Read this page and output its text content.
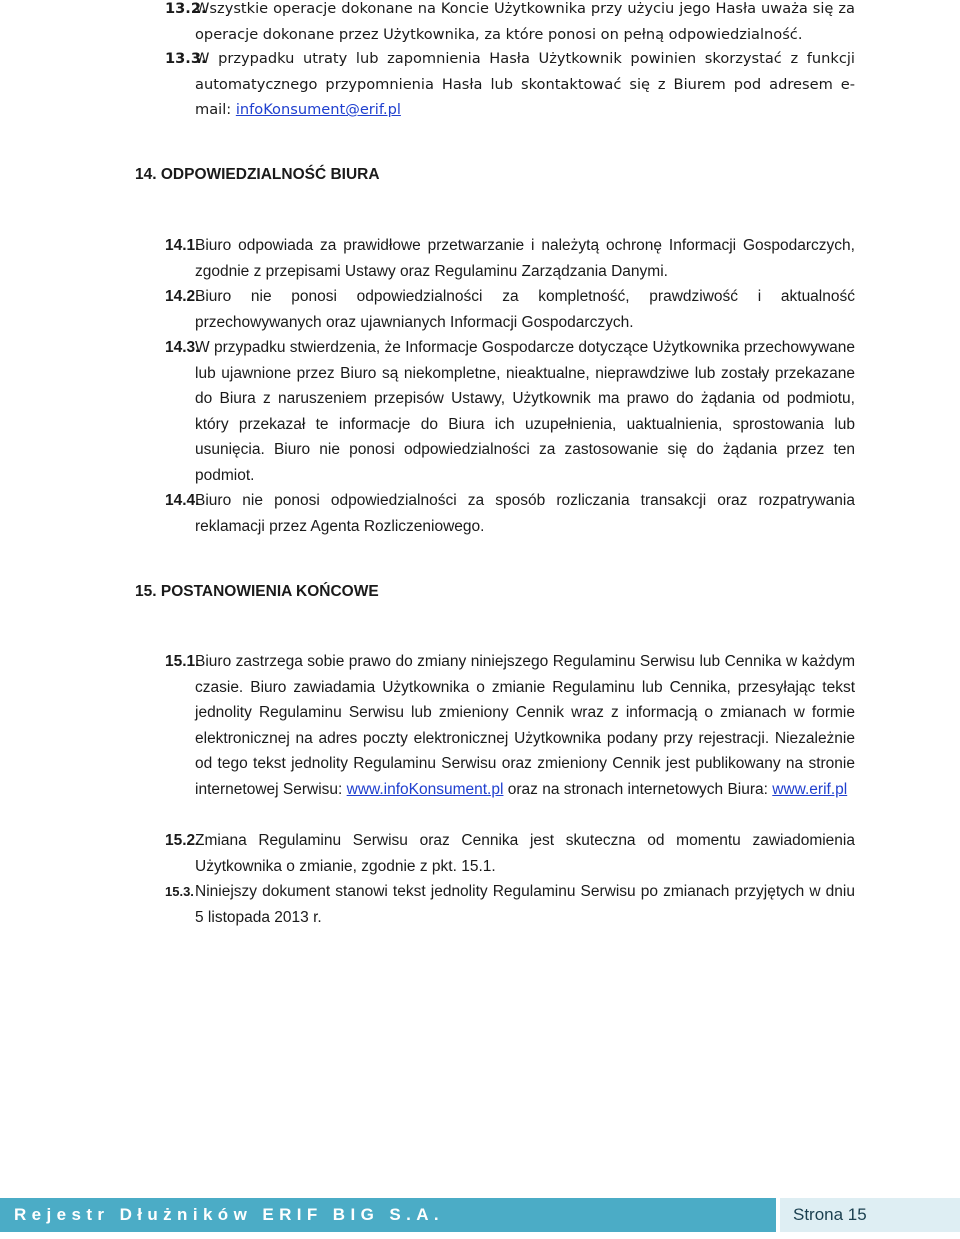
13.2.
Wszystkie operacje dokonane na Koncie Użytkownika przy użyciu jego Hasła uważa się za operacje dokonane przez Użytkownika, za które ponosi on pełną odpowiedzialność.
13.3.
W przypadku utraty lub zapomnienia Hasła Użytkownik powinien skorzystać z funkcji automatycznego przypomnienia Hasła lub skontaktować się z Biurem pod adresem e-mail: infoKonsument@erif.pl
14. ODPOWIEDZIALNOŚĆ BIURA
14.1.
Biuro odpowiada za prawidłowe przetwarzanie i należytą ochronę Informacji Gospodarczych, zgodnie z przepisami Ustawy oraz Regulaminu Zarządzania Danymi.
14.2.
Biuro nie ponosi odpowiedzialności za kompletność, prawdziwość i aktualność przechowywanych oraz ujawnianych Informacji Gospodarczych.
14.3.
W przypadku stwierdzenia, że Informacje Gospodarcze dotyczące Użytkownika przechowywane lub ujawnione przez Biuro są niekompletne, nieaktualne, nieprawdziwe lub zostały przekazane do Biura z naruszeniem przepisów Ustawy, Użytkownik ma prawo do żądania od podmiotu, który przekazał te informacje do Biura ich uzupełnienia, uaktualnienia, sprostowania lub usunięcia. Biuro nie ponosi odpowiedzialności za zastosowanie się do żądania przez ten podmiot.
14.4.
Biuro nie ponosi odpowiedzialności za sposób rozliczania transakcji oraz rozpatrywania reklamacji przez Agenta Rozliczeniowego.
15. POSTANOWIENIA KOŃCOWE
15.1.
Biuro zastrzega sobie prawo do zmiany niniejszego Regulaminu Serwisu lub Cennika w każdym czasie. Biuro zawiadamia Użytkownika o zmianie Regulaminu lub Cennika, przesyłając tekst jednolity Regulaminu Serwisu lub zmieniony Cennik wraz z informacją o zmianach w formie elektronicznej na adres poczty elektronicznej Użytkownika podany przy rejestracji. Niezależnie od tego tekst jednolity Regulaminu Serwisu oraz zmieniony Cennik jest publikowany na stronie internetowej Serwisu: www.infoKonsument.pl oraz na stronach internetowych Biura: www.erif.pl
15.2.
Zmiana Regulaminu Serwisu oraz Cennika jest skuteczna od momentu zawiadomienia Użytkownika o zmianie, zgodnie z pkt. 15.1.
15.3. Niniejszy dokument stanowi tekst jednolity Regulaminu Serwisu po zmianach przyjętych w dniu 5 listopada 2013 r.
Rejestr Dłużników ERIF BIG S.A.	Strona 15
